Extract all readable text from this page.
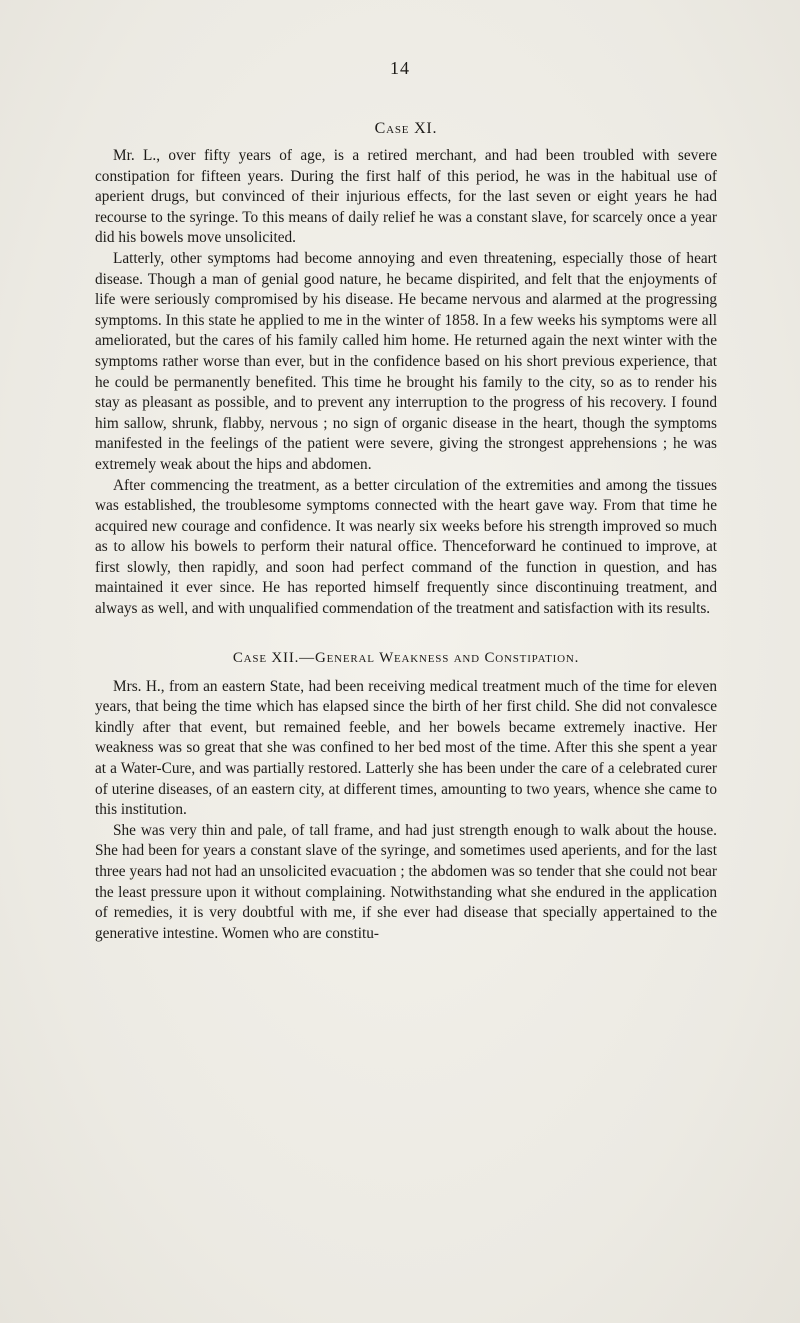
14
Case XI.

Mr. L., over fifty years of age, is a retired merchant, and had been troubled with severe constipation for fifteen years. During the first half of this period, he was in the habitual use of aperient drugs, but convinced of their injurious effects, for the last seven or eight years he had recourse to the syringe. To this means of daily relief he was a constant slave, for scarcely once a year did his bowels move unsolicited.

Latterly, other symptoms had become annoying and even threatening, especially those of heart disease. Though a man of genial good nature, he became dispirited, and felt that the enjoyments of life were seriously compromised by his disease. He became nervous and alarmed at the progressing symptoms. In this state he applied to me in the winter of 1858. In a few weeks his symptoms were all ameliorated, but the cares of his family called him home. He returned again the next winter with the symptoms rather worse than ever, but in the confidence based on his short previous experience, that he could be permanently benefited. This time he brought his family to the city, so as to render his stay as pleasant as possible, and to prevent any interruption to the progress of his recovery. I found him sallow, shrunk, flabby, nervous ; no sign of organic disease in the heart, though the symptoms manifested in the feelings of the patient were severe, giving the strongest apprehensions ; he was extremely weak about the hips and abdomen.

After commencing the treatment, as a better circulation of the extremities and among the tissues was established, the troublesome symptoms connected with the heart gave way. From that time he acquired new courage and confidence. It was nearly six weeks before his strength improved so much as to allow his bowels to perform their natural office. Thenceforward he continued to improve, at first slowly, then rapidly, and soon had perfect command of the function in question, and has maintained it ever since. He has reported himself frequently since discontinuing treatment, and always as well, and with unqualified commendation of the treatment and satisfaction with its results.

Case XII.—General Weakness and Constipation.

Mrs. H., from an eastern State, had been receiving medical treatment much of the time for eleven years, that being the time which has elapsed since the birth of her first child. She did not convalesce kindly after that event, but remained feeble, and her bowels became extremely inactive. Her weakness was so great that she was confined to her bed most of the time. After this she spent a year at a Water-Cure, and was partially restored. Latterly she has been under the care of a celebrated curer of uterine diseases, of an eastern city, at different times, amounting to two years, whence she came to this institution.

She was very thin and pale, of tall frame, and had just strength enough to walk about the house. She had been for years a constant slave of the syringe, and sometimes used aperients, and for the last three years had not had an unsolicited evacuation ; the abdomen was so tender that she could not bear the least pressure upon it without complaining. Notwithstanding what she endured in the application of remedies, it is very doubtful with me, if she ever had disease that specially appertained to the generative intestine. Women who are constitu-
